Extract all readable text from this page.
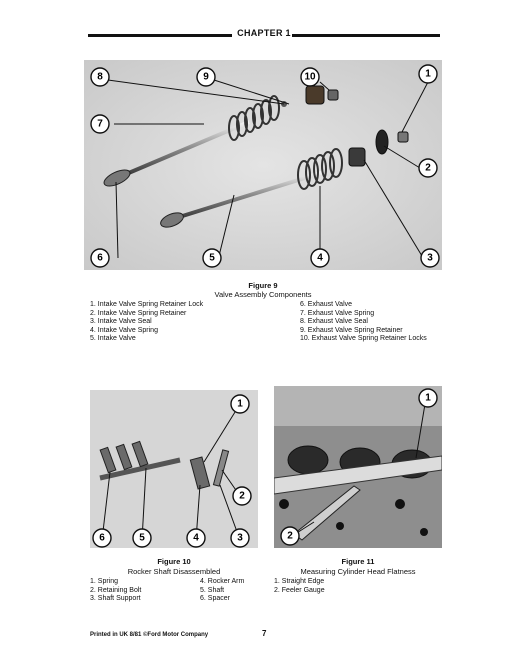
CHAPTER 1
8	9	10	1
7
2
6	5	4	3
Figure 9
Valve Assembly Components
1. Intake Valve Spring Retainer Lock
2. Intake Valve Spring Retainer
3. Intake Valve Seal
4. Intake Valve Spring
5. Intake Valve
6. Exhaust Valve
7. Exhaust Valve Spring
8. Exhaust Valve Seal
9. Exhaust Valve Spring Retainer
10. Exhaust Valve Spring Retainer Locks
1
2
6	5	4	3
Figure 10
Rocker Shaft Disassembled
1. Spring
2. Retaining Bolt
3. Shaft Support
4. Rocker Arm
5. Shaft
6. Spacer
1
2
Figure 11
Measuring Cylinder Head Flatness
1. Straight Edge
2. Feeler Gauge
Printed in UK 8/81 ©Ford Motor Company	7
